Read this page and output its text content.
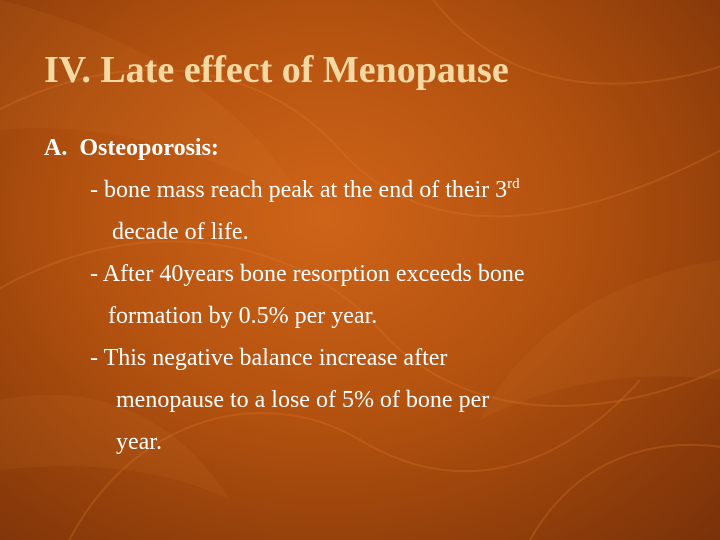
IV. Late effect of Menopause
A. Osteoporosis:
- bone mass reach peak at the end of their 3rd
decade of life.
- After 40years bone resorption exceeds bone
formation by 0.5% per year.
- This negative balance increase after
menopause to a lose of 5% of bone per
year.
